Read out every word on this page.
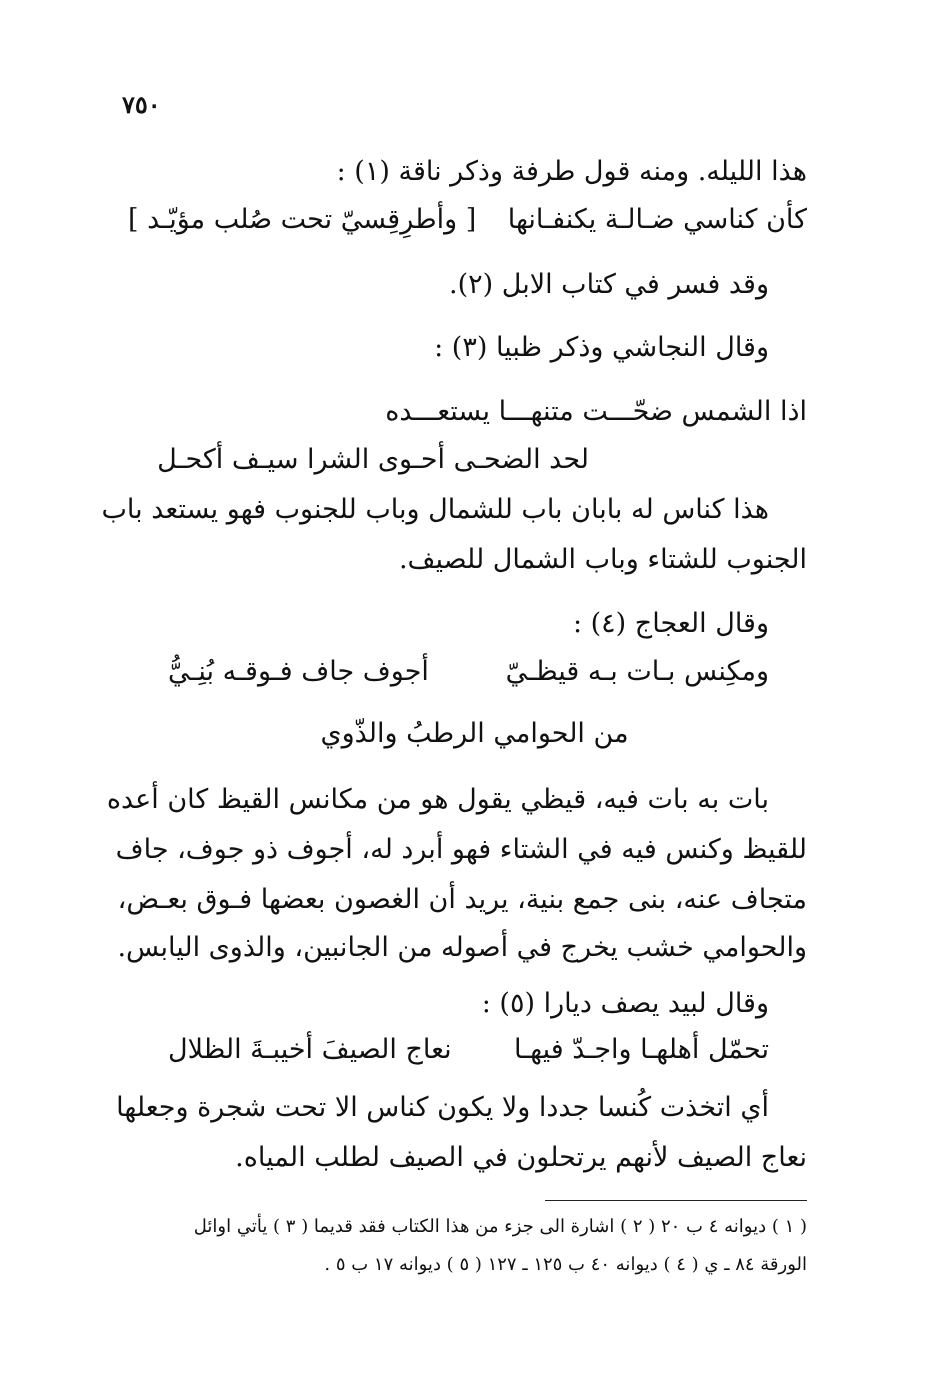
٧٥٠
هذا الليله. ومنه قول طرفة وذكر ناقة (١) :
كأن كناسي ضـالـة يكنفـانها
[ وأطرِقِسيّ تحت صُلب مؤيّـد ]
وقد فسر في كتاب الابل (٢).
وقال النجاشي وذكر ظبيا (٣) :
اذا الشمس ضحّـــت متنهـــا يستعـــده
لحد الضحـى أحـوى الشرا سيـف أكحـل
هذا كناس له بابان باب للشمال وباب للجنوب فهو يستعد باب
الجنوب للشتاء وباب الشمال للصيف.
وقال العجاج (٤) :
ومكِنس بـات بـه قيظـيّ
أجوف جاف فـوقـه بُنِـيُّ
من الحوامي الرطبُ والذّوي
بات به بات فيه، قيظي يقول هو من مكانس القيظ كان أعده
للقيظ وكنس فيه في الشتاء فهو أبرد له، أجوف ذو جوف، جاف
متجاف عنه، بنى جمع بنية، يريد أن الغصون بعضها فـوق بعـض،
والحوامي خشب يخرج في أصوله من الجانبين، والذوى اليابس.
وقال لبيد يصف ديارا (٥) :
تحمّل أهلهـا واجـدّ فيهـا
نعاج الصيفَ أخيبـةَ الظلال
أي اتخذت كُنسا جددا ولا يكون كناس الا تحت شجرة وجعلها
نعاج الصيف لأنهم يرتحلون في الصيف لطلب المياه.
( ١ ) ديوانه ٤ ب ٢٠ ( ٢ ) اشارة الى جزء من هذا الكتاب فقد قديما ( ٣ ) يأتي اوائل
الورقة ٨٤ ـ ي ( ٤ ) ديوانه ٤٠ ب ١٢٥ ـ ١٢٧ ( ٥ ) ديوانه ١٧ ب ٥ .
